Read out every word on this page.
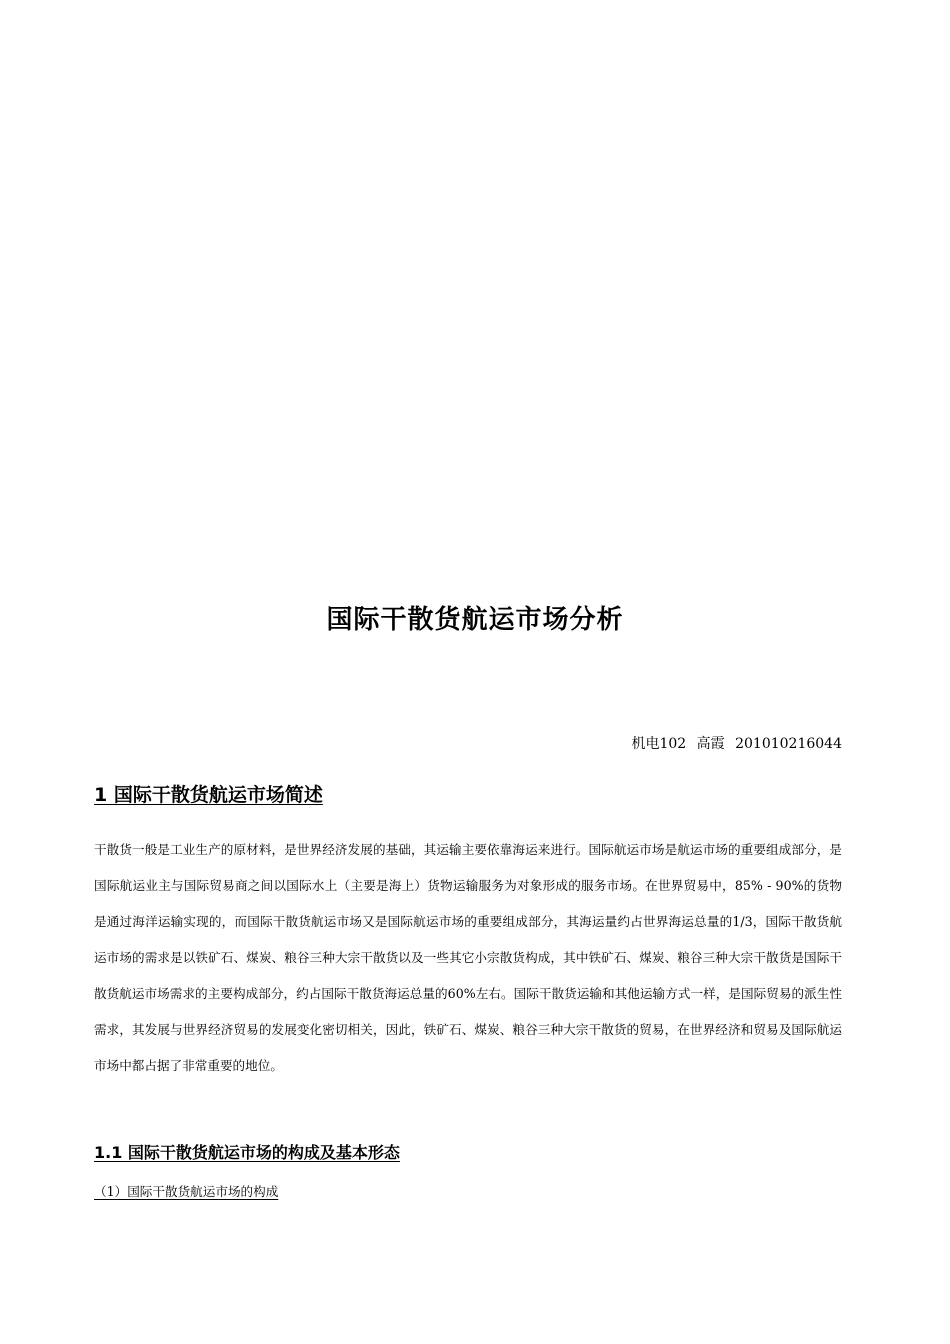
国际干散货航运市场分析
机电102 高霞 201010216044
1 国际干散货航运市场简述
干散货一般是工业生产的原材料，是世界经济发展的基础，其运输主要依靠海运来进行。国际航运市场是航运市场的重要组成部分，是国际航运业主与国际贸易商之间以国际水上（主要是海上）货物运输服务为对象形成的服务市场。在世界贸易中，85% - 90%的货物是通过海洋运输实现的，而国际干散货航运市场又是国际航运市场的重要组成部分，其海运量约占世界海运总量的1/3，国际干散货航运市场的需求是以铁矿石、煤炭、粮谷三种大宗干散货以及一些其它小宗散货构成，其中铁矿石、煤炭、粮谷三种大宗干散货是国际干散货航运市场需求的主要构成部分，约占国际干散货海运总量的60%左右。国际干散货运输和其他运输方式一样，是国际贸易的派生性需求，其发展与世界经济贸易的发展变化密切相关，因此，铁矿石、煤炭、粮谷三种大宗干散货的贸易，在世界经济和贸易及国际航运市场中都占据了非常重要的地位。
1.1 国际干散货航运市场的构成及基本形态
（1）国际干散货航运市场的构成
